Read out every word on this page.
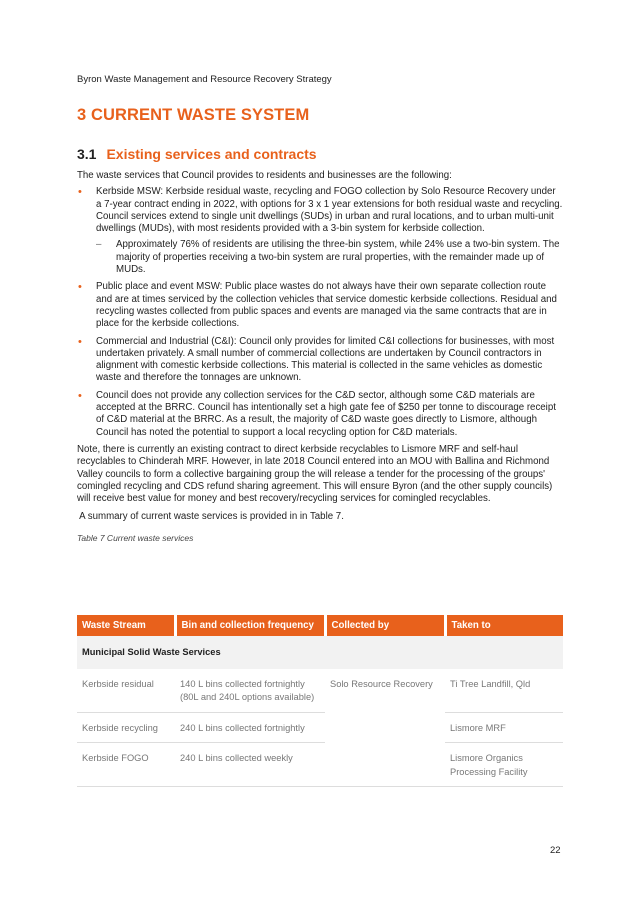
Byron Waste Management and Resource Recovery Strategy
3 CURRENT WASTE SYSTEM
3.1 Existing services and contracts

The waste services that Council provides to residents and businesses are the following:

• Kerbside MSW: Kerbside residual waste, recycling and FOGO collection by Solo Resource Recovery under a 7-year contract ending in 2022, with options for 3 x 1 year extensions for both residual waste and recycling. Council services extend to single unit dwellings (SUDs) in urban and rural locations, and to urban multi-unit dwellings (MUDs), with most residents provided with a 3-bin system for kerbside collection.
– Approximately 76% of residents are utilising the three-bin system, while 24% use a two-bin system. The majority of properties receiving a two-bin system are rural properties, with the remainder made up of MUDs.
• Public place and event MSW: Public place wastes do not always have their own separate collection route and are at times serviced by the collection vehicles that service domestic kerbside collections. Residual and recycling wastes collected from public spaces and events are managed via the same contracts that are in place for the kerbside collections.
• Commercial and Industrial (C&I): Council only provides for limited C&I collections for businesses, with most undertaken privately. A small number of commercial collections are undertaken by Council contractors in alignment with comestic kerbside collections. This material is collected in the same vehicles as domestic waste and therefore the tonnages are unknown.
• Council does not provide any collection services for the C&D sector, although some C&D materials are accepted at the BRRC. Council has intentionally set a high gate fee of $250 per tonne to discourage receipt of C&D material at the BRRC. As a result, the majority of C&D waste goes directly to Lismore, although Council has noted the potential to support a local recycling option for C&D materials.

Note, there is currently an existing contract to direct kerbside recyclables to Lismore MRF and self-haul recyclables to Chinderah MRF. However, in late 2018 Council entered into an MOU with Ballina and Richmond Valley councils to form a collective bargaining group the will release a tender for the processing of the groups' comingled recycling and CDS refund sharing agreement. This will ensure Byron (and the other supply councils) will receive best value for money and best recovery/recycling services for comingled recyclables.

A summary of current waste services is provided in in Table 7.

Table 7 Current waste services
Waste Stream	Bin and collection frequency	Collected by	Taken to
Municipal Solid Waste Services			
Kerbside residual	140 L bins collected fortnightly (80L and 240L options available)	Solo Resource Recovery	Ti Tree Landfill, Qld
Kerbside recycling	240 L bins collected fortnightly		Lismore MRF
Kerbside FOGO	240 L bins collected weekly		Lismore Organics Processing Facility
22
